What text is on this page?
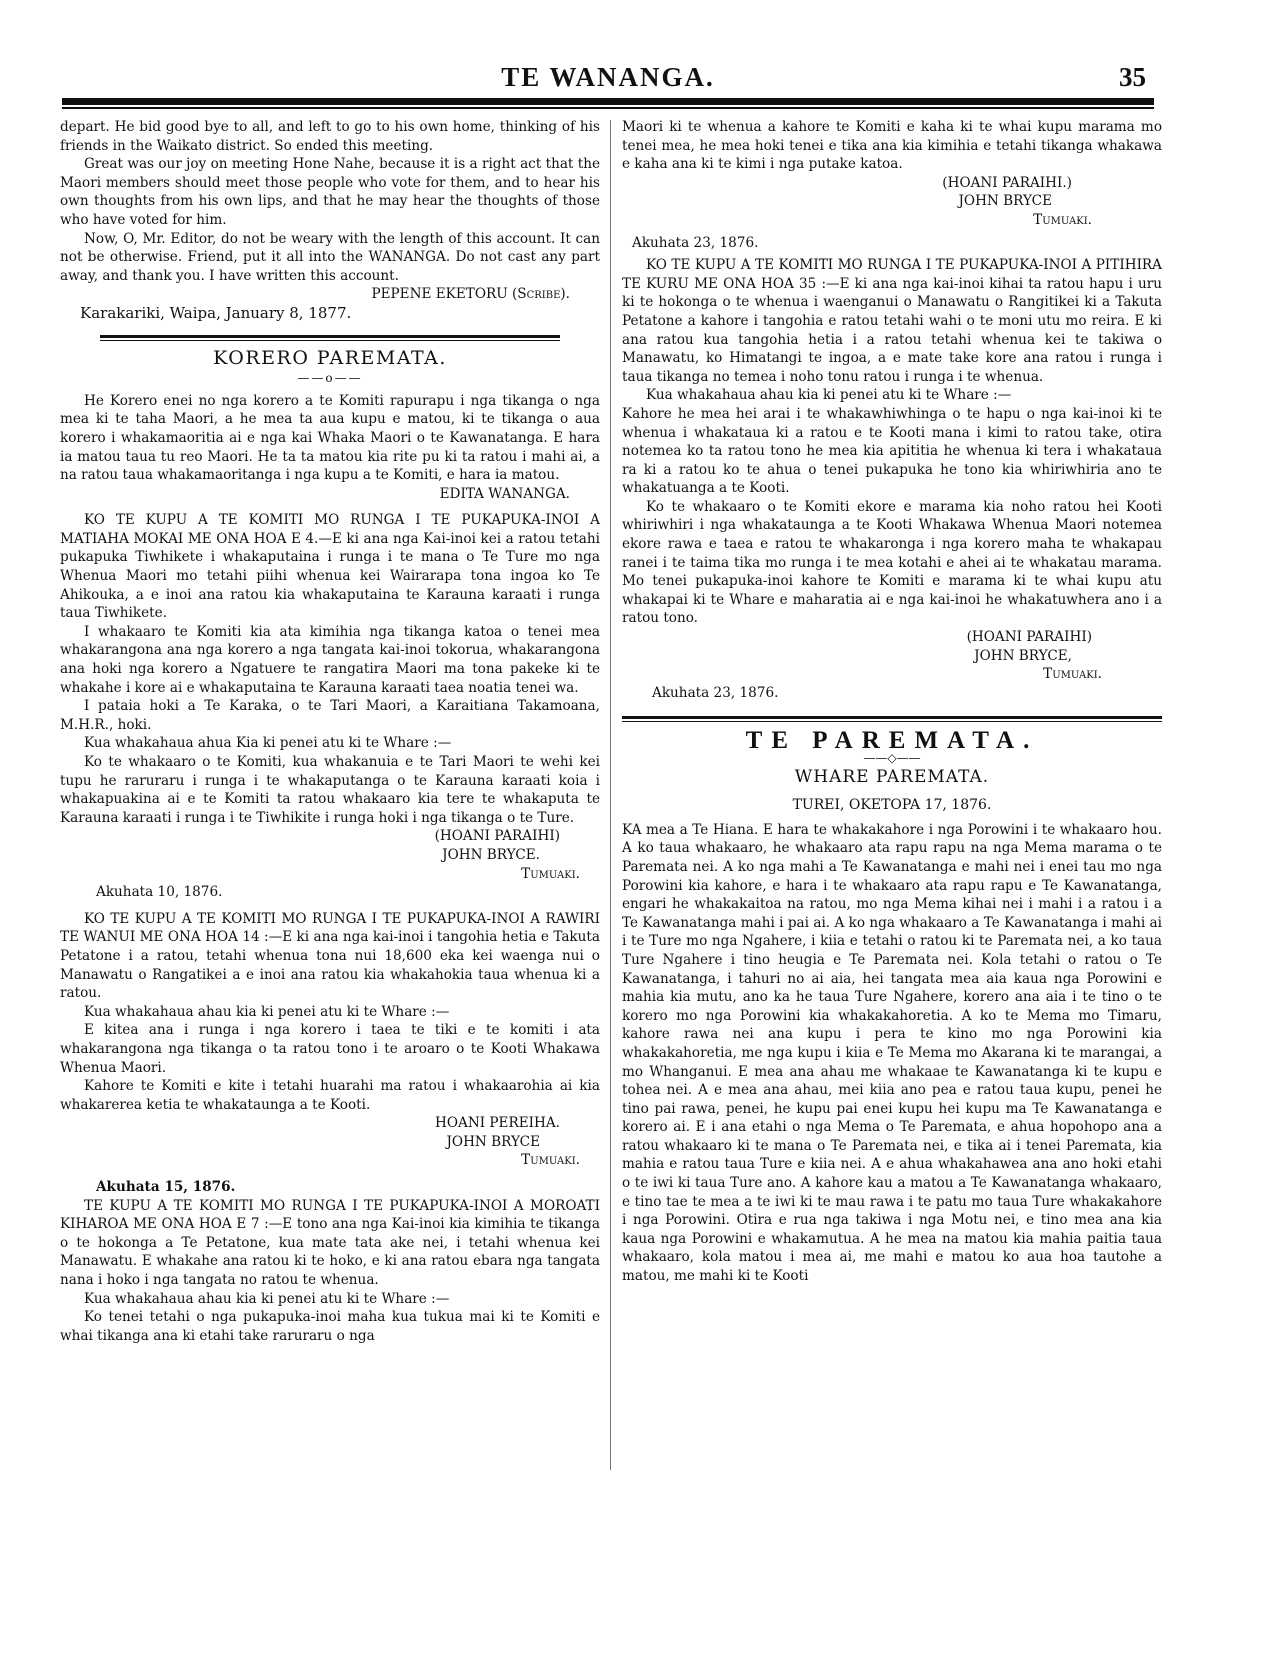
TE WANANGA.	35

depart. He bid good bye to all, and left to go to his own home, thinking of his friends in the Waikato district. So ended this meeting.

Great was our joy on meeting Hone Nahe, because it is a right act that the Maori members should meet those people who vote for them, and to hear his own thoughts from his own lips, and that he may hear the thoughts of those who have voted for him.

Now, O, Mr. Editor, do not be weary with the length of this account. It can not be otherwise. Friend, put it all into the WANANGA. Do not cast any part away, and thank you. I have written this account.

PEPENE EKETORU (Scribe).

Karakariki, Waipa, January 8, 1877.

KORERO PAREMATA.
——o——

He Korero enei no nga korero a te Komiti rapurapu i nga tikanga o nga mea ki te taha Maori, a he mea ta aua kupu e matou, ki te tikanga o aua korero i whakamaoritia ai e nga kai Whaka Maori o te Kawanatanga. E hara ia matou taua tu reo Maori. He ta ta matou kia rite pu ki ta ratou i mahi ai, a na ratou taua whakamaoritanga i nga kupu a te Komiti, e hara ia matou.

EDITA WANANGA.

KO TE KUPU A TE KOMITI MO RUNGA I TE PUKAPUKA-INOI A MATIAHA MOKAI ME ONA HOA E 4.—E ki ana nga Kai-inoi kei a ratou tetahi pukapuka Tiwhikete i whakaputaina i runga i te mana o Te Ture mo nga Whenua Maori mo tetahi piihi whenua kei Wairarapa tona ingoa ko Te Ahikouka, a e inoi ana ratou kia whakaputaina te Karauna karaati i runga taua Tiwhikete.

I whakaaro te Komiti kia ata kimihia nga tikanga katoa o tenei mea whakarangona ana nga korero a nga tangata kai-inoi tokorua, whakarangona ana hoki nga korero a Ngatuere te rangatira Maori ma tona pakeke ki te whakahe i kore ai e whakaputaina te Karauna karaati taea noatia tenei wa.

I pataia hoki a Te Karaka, o te Tari Maori, a Karaitiana Takamoana, M.H.R., hoki.

Kua whakahaua ahua Kia ki penei atu ki te Whare :—

Ko te whakaaro o te Komiti, kua whakanuia e te Tari Maori te wehi kei tupu he raruraru i runga i te whakaputanga o te Karauna karaati koia i whakapuakina ai e te Komiti ta ratou whakaaro kia tere te whakaputa te Karauna karaati i runga i te Tiwhikite i runga hoki i nga tikanga o te Ture.

(HOANI PARAIHI)
JOHN BRYCE.
Tumuaki.

Akuhata 10, 1876.

KO TE KUPU A TE KOMITI MO RUNGA I TE PUKAPUKA-INOI A RAWIRI TE WANUI ME ONA HOA 14 :—E ki ana nga kai-inoi i tangohia hetia e Takuta Petatone i a ratou, tetahi whenua tona nui 18,600 eka kei waenga nui o Manawatu o Rangatikei a e inoi ana ratou kia whakahokia taua whenua ki a ratou.

Kua whakahaua ahau kia ki penei atu ki te Whare :—

E kitea ana i runga i nga korero i taea te tiki e te komiti i ata whakarangona nga tikanga o ta ratou tono i te aroaro o te Kooti Whakawa Whenua Maori.

Kahore te Komiti e kite i tetahi huarahi ma ratou i whakaarohia ai kia whakarerea ketia te whakataunga a te Kooti.

HOANI PEREIHA.
JOHN BRYCE
Tumuaki.

Akuhata 15, 1876.

TE KUPU A TE KOMITI MO RUNGA I TE PUKAPUKA-INOI A MOROATI KIHAROA ME ONA HOA E 7 :—E tono ana nga Kai-inoi kia kimihia te tikanga o te hokonga a Te Petatone, kua mate tata ake nei, i tetahi whenua kei Manawatu. E whakahe ana ratou ki te hoko, e ki ana ratou ebara nga tangata nana i hoko i nga tangata no ratou te whenua.

Kua whakahaua ahau kia ki penei atu ki te Whare :—

Ko tenei tetahi o nga pukapuka-inoi maha kua tukua mai ki te Komiti e whai tikanga ana ki etahi take raruraru o nga

Maori ki te whenua a kahore te Komiti e kaha ki te whai kupu marama mo tenei mea, he mea hoki tenei e tika ana kia kimihia e tetahi tikanga whakawa e kaha ana ki te kimi i nga putake katoa.

(HOANI PARAIHI.)
JOHN BRYCE
Tumuaki.

Akuhata 23, 1876.

KO TE KUPU A TE KOMITI MO RUNGA I TE PUKAPUKA-INOI A PITIHIRA TE KURU ME ONA HOA 35 :—E ki ana nga kai-inoi kihai ta ratou hapu i uru ki te hokonga o te whenua i waenganui o Manawatu o Rangitikei ki a Takuta Petatone a kahore i tangohia e ratou tetahi wahi o te moni utu mo reira. E ki ana ratou kua tangohia hetia i a ratou tetahi whenua kei te takiwa o Manawatu, ko Himatangi te ingoa, a e mate take kore ana ratou i runga i taua tikanga no temea i noho tonu ratou i runga i te whenua.

Kua whakahaua ahau kia ki penei atu ki te Whare :—

Kahore he mea hei arai i te whakawhiwhinga o te hapu o nga kai-inoi ki te whenua i whakataua ki a ratou e te Kooti mana i kimi to ratou take, otira notemea ko ta ratou tono he mea kia apititia he whenua ki tera i whakataua ra ki a ratou ko te ahua o tenei pukapuka he tono kia whiriwhiria ano te whakatuanga a te Kooti.

Ko te whakaaro o te Komiti ekore e marama kia noho ratou hei Kooti whiriwhiri i nga whakataunga a te Kooti Whakawa Whenua Maori notemea ekore rawa e taea e ratou te whakaronga i nga korero maha te whakapau ranei i te taima tika mo runga i te mea kotahi e ahei ai te whakatau marama. Mo tenei pukapuka-inoi kahore te Komiti e marama ki te whai kupu atu whakapai ki te Whare e maharatia ai e nga kai-inoi he whakatuwhera ano i a ratou tono.

(HOANI PARAIHI)
JOHN BRYCE,
Tumuaki.

Akuhata 23, 1876.

TE PAREMATA.
——◇——
WHARE PAREMATA.
TUREI, OKETOPA 17, 1876.

KA mea a Te Hiana. E hara te whakakahore i nga Porowini i te whakaaro hou. A ko taua whakaaro, he whakaaro ata rapu rapu na nga Mema marama o te Paremata nei. A ko nga mahi a Te Kawanatanga e mahi nei i enei tau mo nga Porowini kia kahore, e hara i te whakaaro ata rapu rapu e Te Kawanatanga, engari he whakakaitoa na ratou, mo nga Mema kihai nei i mahi i a ratou i a Te Kawanatanga mahi i pai ai. A ko nga whakaaro a Te Kawanatanga i mahi ai i te Ture mo nga Ngahere, i kiia e tetahi o ratou ki te Paremata nei, a ko taua Ture Ngahere i tino heugia e Te Paremata nei. Kola tetahi o ratou o Te Kawanatanga, i tahuri no ai aia, hei tangata mea aia kaua nga Porowini e mahia kia mutu, ano ka he taua Ture Ngahere, korero ana aia i te tino o te korero mo nga Porowini kia whakakahoretia. A ko te Mema mo Timaru, kahore rawa nei ana kupu i pera te kino mo nga Porowini kia whakakahoretia, me nga kupu i kiia e Te Mema mo Akarana ki te marangai, a mo Whanganui. E mea ana ahau me whakaae te Kawanatanga ki te kupu e tohea nei. A e mea ana ahau, mei kiia ano pea e ratou taua kupu, penei he tino pai rawa, penei, he kupu pai enei kupu hei kupu ma Te Kawanatanga e korero ai. E i ana etahi o nga Mema o Te Paremata, e ahua hopohopo ana a ratou whakaaro ki te mana o Te Paremata nei, e tika ai i tenei Paremata, kia mahia e ratou taua Ture e kiia nei. A e ahua whakahawea ana ano hoki etahi o te iwi ki taua Ture ano. A kahore kau a matou a Te Kawanatanga whakaaro, e tino tae te mea a te iwi ki te mau rawa i te patu mo taua Ture whakakahore i nga Porowini. Otira e rua nga takiwa i nga Motu nei, e tino mea ana kia kaua nga Porowini e whakamutua. A he mea na matou kia mahia paitia taua whakaaro, kola matou i mea ai, me mahi e matou ko aua hoa tautohe a matou, me mahi ki te Kooti
